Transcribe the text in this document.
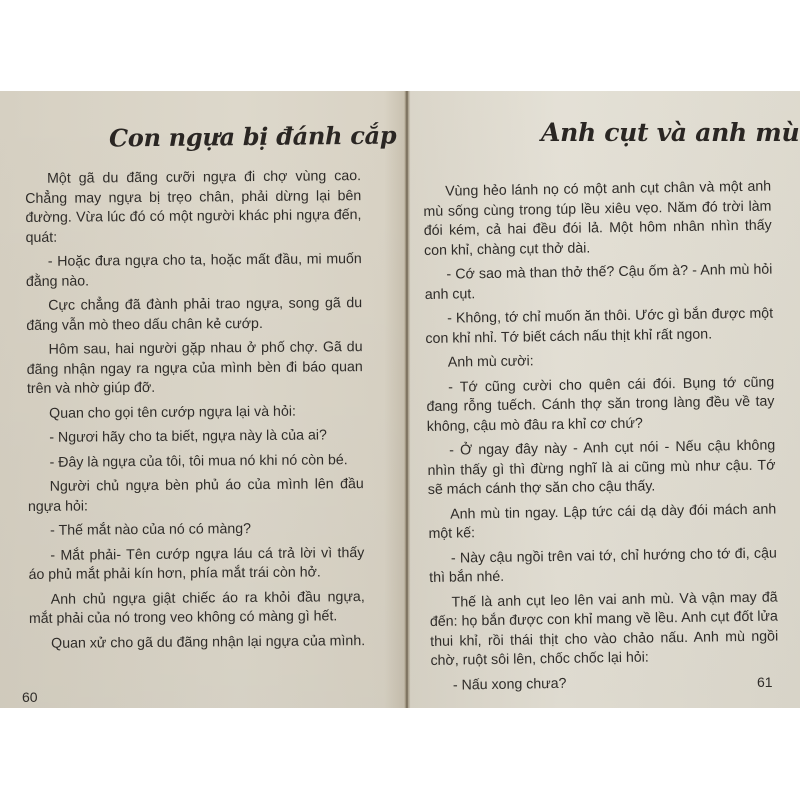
Con ngựa bị đánh cắp

Một gã du đãng cưỡi ngựa đi chợ vùng cao. Chẳng may ngựa bị trẹo chân, phải dừng lại bên đường. Vừa lúc đó có một người khác phi ngựa đến, quát:

- Hoặc đưa ngựa cho ta, hoặc mất đầu, mi muốn đằng nào.

Cực chẳng đã đành phải trao ngựa, song gã du đãng vẫn mò theo dấu chân kẻ cướp.

Hôm sau, hai người gặp nhau ở phố chợ. Gã du đãng nhận ngay ra ngựa của mình bèn đi báo quan trên và nhờ giúp đỡ.

Quan cho gọi tên cướp ngựa lại và hỏi:

- Ngươi hãy cho ta biết, ngựa này là của ai?

- Đây là ngựa của tôi, tôi mua nó khi nó còn bé.

Người chủ ngựa bèn phủ áo của mình lên đầu ngựa hỏi:

- Thế mắt nào của nó có màng?

- Mắt phải- Tên cướp ngựa láu cá trả lời vì thấy áo phủ mắt phải kín hơn, phía mắt trái còn hở.

Anh chủ ngựa giật chiếc áo ra khỏi đầu ngựa, mắt phải của nó trong veo không có màng gì hết.

Quan xử cho gã du đãng nhận lại ngựa của mình.

60
Anh cụt và anh mù

Vùng hẻo lánh nọ có một anh cụt chân và một anh mù sống cùng trong túp lều xiêu vẹo. Năm đó trời làm đói kém, cả hai đều đói lả. Một hôm nhân nhìn thấy con khỉ, chàng cụt thở dài.

- Cớ sao mà than thở thế? Cậu ốm à? - Anh mù hỏi anh cụt.

- Không, tớ chỉ muốn ăn thôi. Ước gì bắn được một con khỉ nhỉ. Tớ biết cách nấu thịt khỉ rất ngon.

Anh mù cười:

- Tớ cũng cười cho quên cái đói. Bụng tớ cũng đang rỗng tuếch. Cánh thợ săn trong làng đều về tay không, cậu mò đâu ra khỉ cơ chứ?

- Ở ngay đây này - Anh cụt nói - Nếu cậu không nhìn thấy gì thì đừng nghĩ là ai cũng mù như cậu. Tớ sẽ mách cánh thợ săn cho cậu thấy.

Anh mù tin ngay. Lập tức cái dạ dày đói mách anh một kế:

- Này cậu ngồi trên vai tớ, chỉ hướng cho tớ đi, cậu thì bắn nhé.

Thế là anh cụt leo lên vai anh mù. Và vận may đã đến: họ bắn được con khỉ mang về lều. Anh cụt đốt lửa thui khỉ, rồi thái thịt cho vào chảo nấu. Anh mù ngồi chờ, ruột sôi lên, chốc chốc lại hỏi:

- Nấu xong chưa?	61
